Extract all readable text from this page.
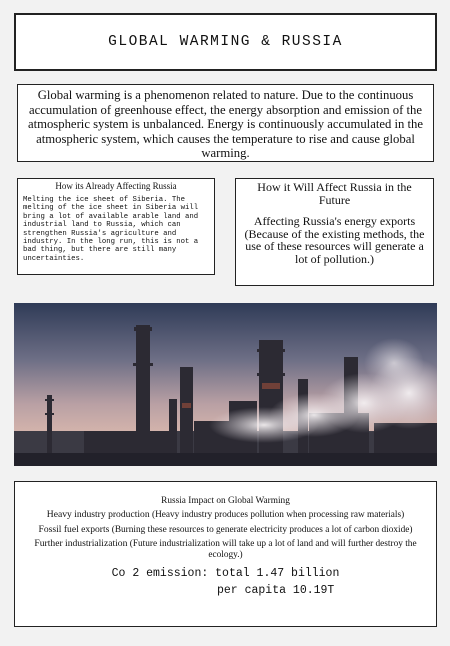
GLOBAL WARMING & RUSSIA

Global warming is a phenomenon related to nature. Due to the continuous accumulation of greenhouse effect, the energy absorption and emission of the atmospheric system is unbalanced. Energy is continuously accumulated in the atmospheric system, which causes the temperature to rise and cause global warming.

How its Already Affecting Russia

Melting the ice sheet of Siberia. The melting of the ice sheet in Siberia will bring a lot of available arable land and industrial land to Russia, which can strengthen Russia's agriculture and industry. In the long run, this is not a bad thing, but there are still many uncertainties.

How it Will Affect Russia in the Future

Affecting Russia's energy exports (Because of the existing methods, the use of these resources will generate a lot of pollution.)

Russia Impact on Global Warming

Heavy industry production (Heavy industry produces pollution when processing raw materials)

Fossil fuel exports (Burning these resources to generate electricity produces a lot of carbon dioxide)

Further industrialization (Future industrialization will take up a lot of land and will further destroy the ecology.)

Co 2 emission: total 1.47 billion

per capita 10.19T
